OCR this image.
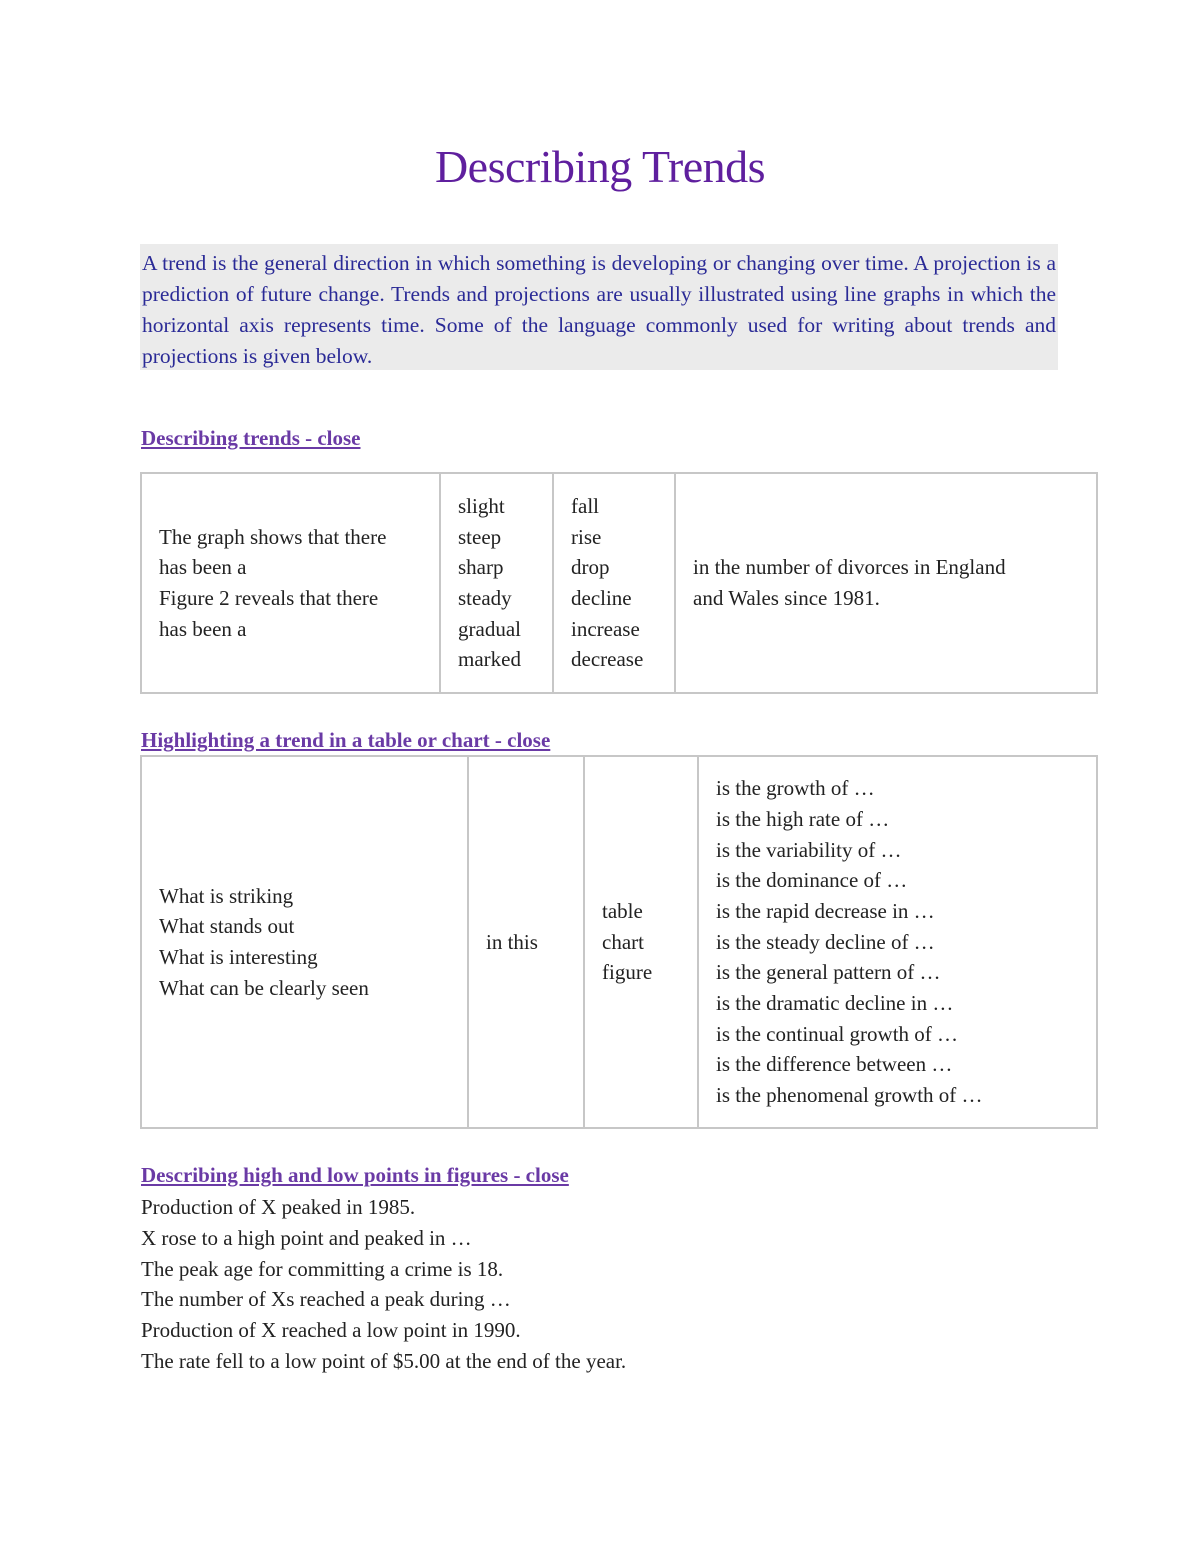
Describing Trends
A trend is the general direction in which something is developing or changing over time. A projection is a prediction of future change. Trends and projections are usually illustrated using line graphs in which the horizontal axis represents time. Some of the language commonly used for writing about trends and projections is given below.
Describing trends - close
The graph shows that there
has been a
Figure 2 reveals that there
has been a

slight
steep
sharp
steady
gradual
marked

fall
rise
drop
decline
increase
decrease

in the number of divorces in England
and Wales since 1981.
Highlighting a trend in a table or chart - close
What is striking
What stands out
What is interesting
What can be clearly seen

in this

table
chart
figure

is the growth of …
is the high rate of …
is the variability of …
is the dominance of …
is the rapid decrease in …
is the steady decline of …
is the general pattern of …
is the dramatic decline in …
is the continual growth of …
is the difference between …
is the phenomenal growth of …
Describing high and low points in figures - close
Production of X peaked in 1985.
X rose to a high point and peaked in …
The peak age for committing a crime is 18.
The number of Xs reached a peak during …
Production of X reached a low point in 1990.
The rate fell to a low point of $5.00 at the end of the year.
